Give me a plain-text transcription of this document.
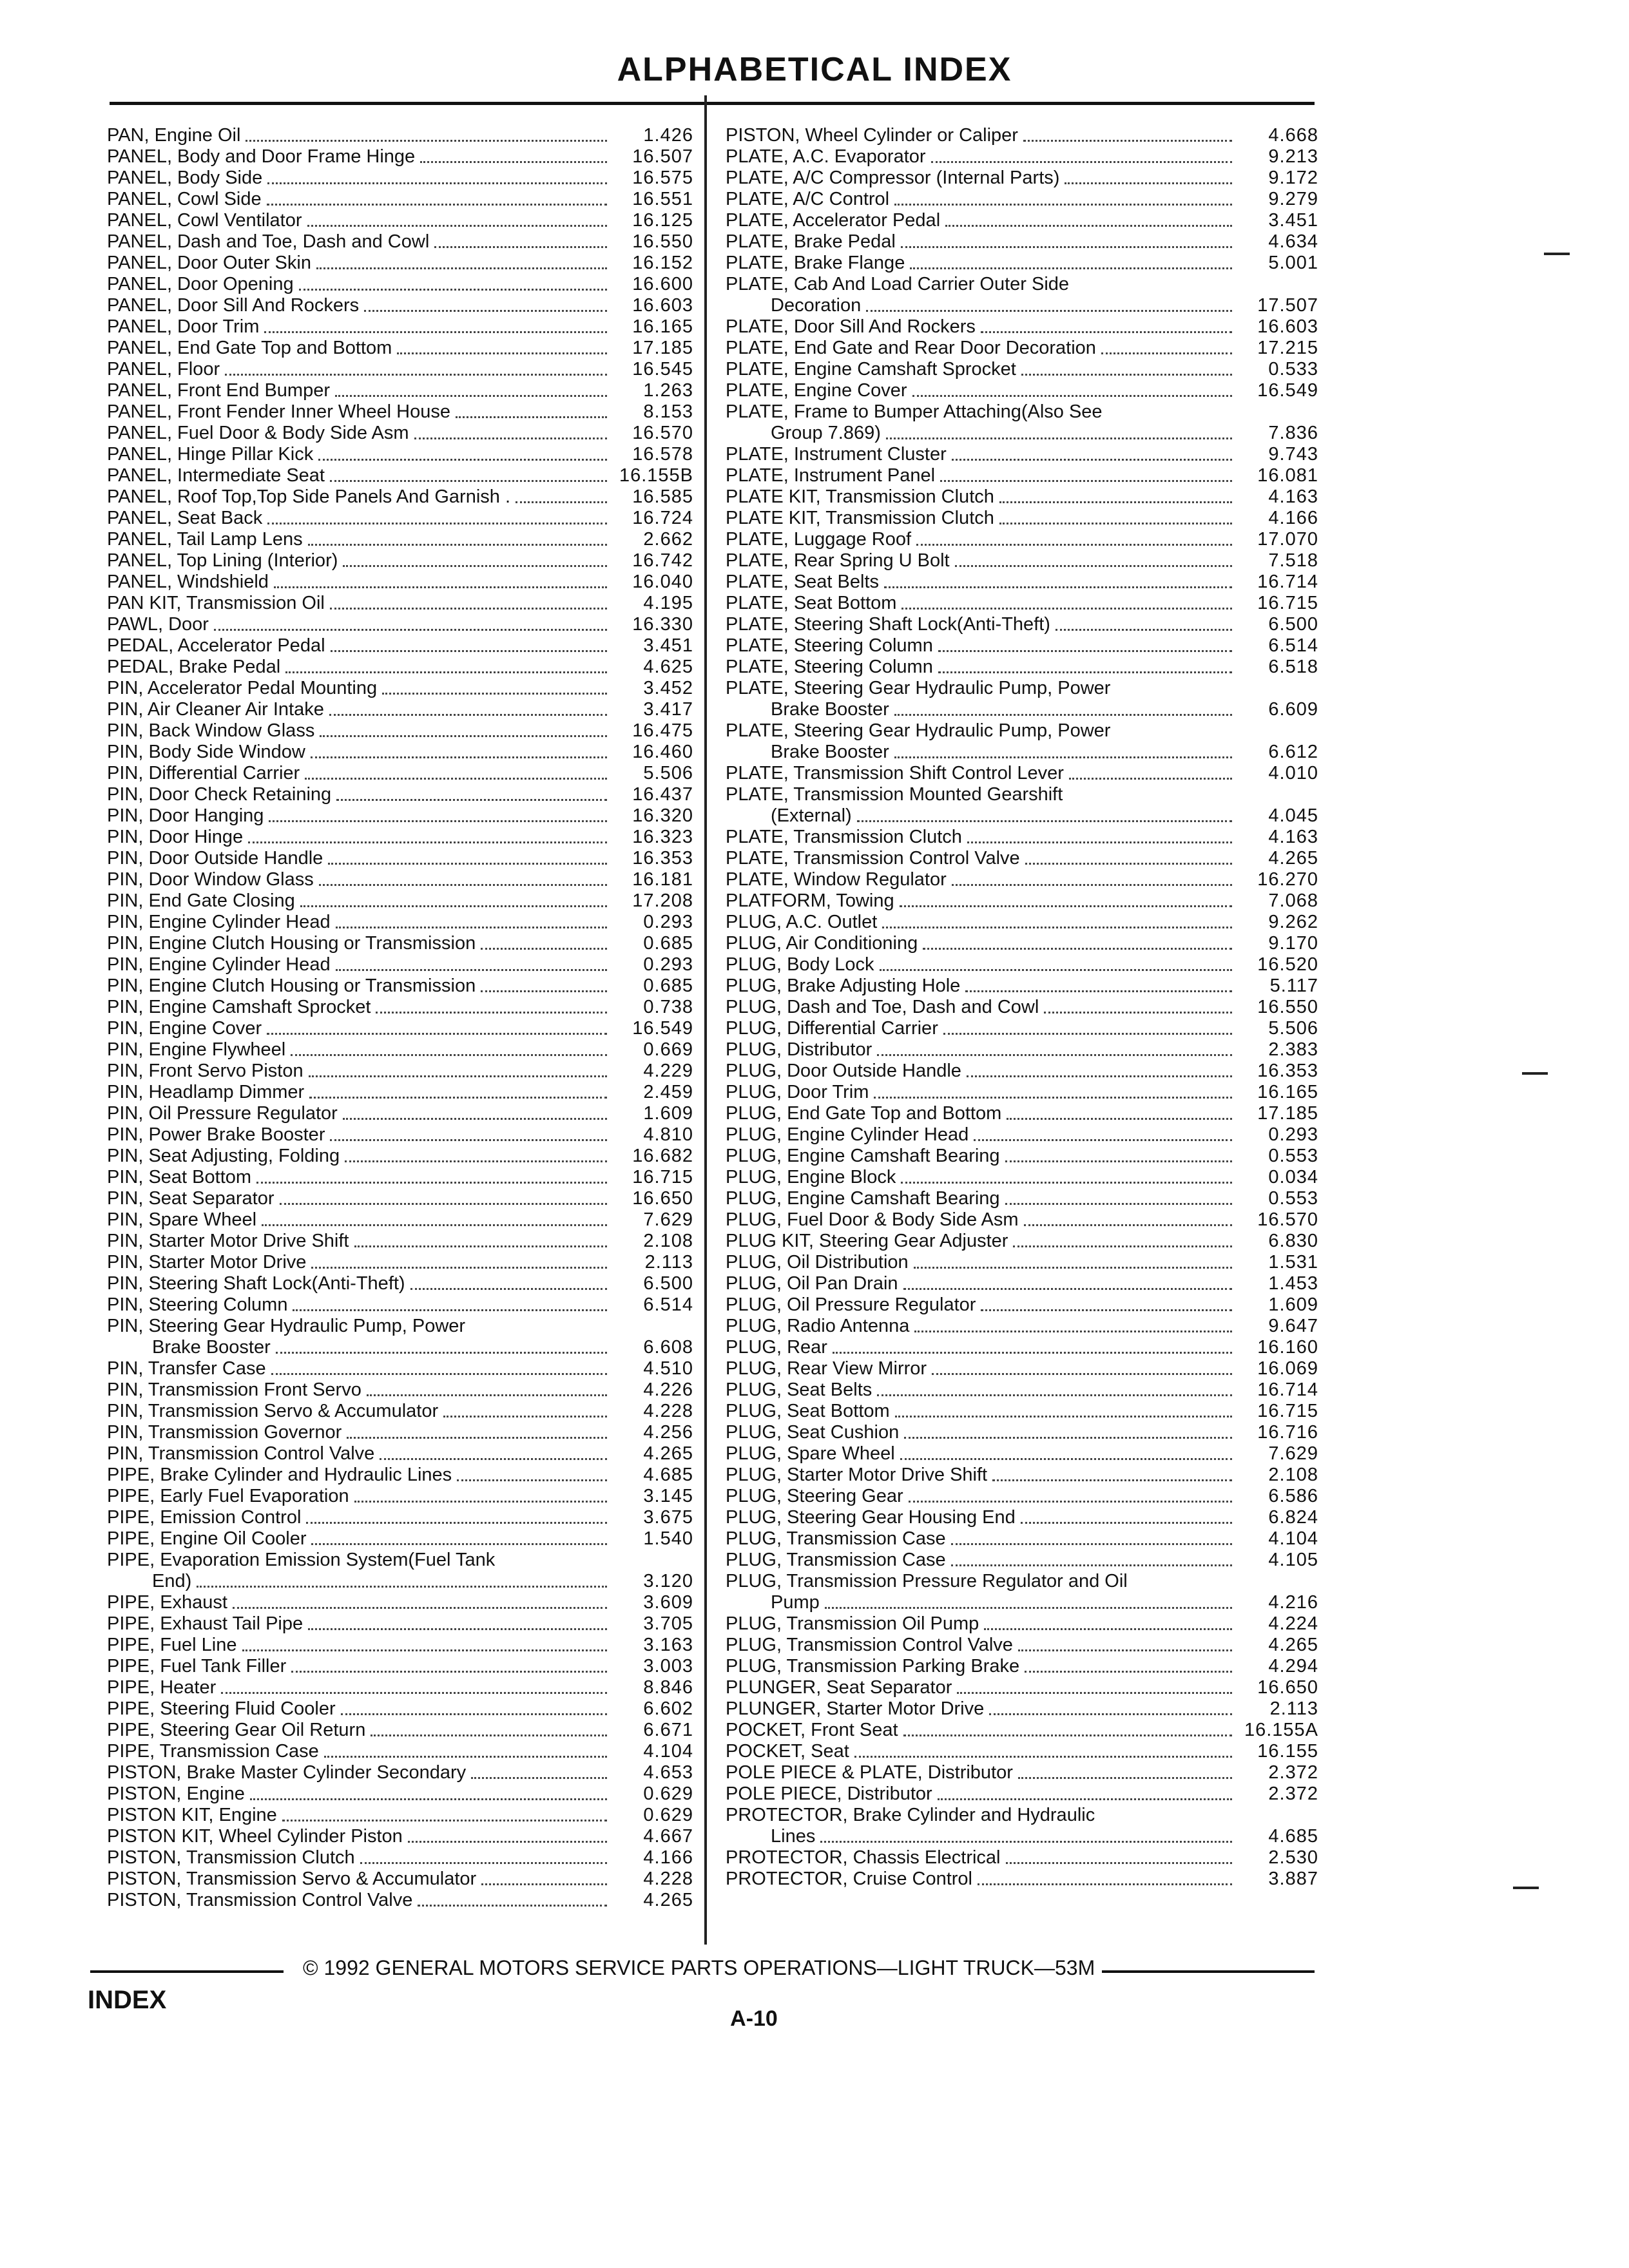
ALPHABETICAL INDEX
PAN, Engine Oil	1.426
PANEL, Body and Door Frame Hinge	16.507
PANEL, Body Side	16.575
PANEL, Cowl Side	16.551
PANEL, Cowl Ventilator	16.125
PANEL, Dash and Toe, Dash and Cowl	16.550
PANEL, Door Outer Skin	16.152
PANEL, Door Opening	16.600
PANEL, Door Sill And Rockers	16.603
PANEL, Door Trim	16.165
PANEL, End Gate Top and Bottom	17.185
PANEL, Floor	16.545
PANEL, Front End Bumper	1.263
PANEL, Front Fender Inner Wheel House	8.153
PANEL, Fuel Door & Body Side Asm	16.570
PANEL, Hinge Pillar Kick	16.578
PANEL, Intermediate Seat	16.155B
PANEL, Roof Top,Top Side Panels And Garnish .	16.585
PANEL, Seat Back	16.724
PANEL, Tail Lamp Lens	2.662
PANEL, Top Lining (Interior)	16.742
PANEL, Windshield	16.040
PAN KIT, Transmission Oil	4.195
PAWL, Door	16.330
PEDAL, Accelerator Pedal	3.451
PEDAL, Brake Pedal	4.625
PIN, Accelerator Pedal Mounting	3.452
PIN, Air Cleaner Air Intake	3.417
PIN, Back Window Glass	16.475
PIN, Body Side Window	16.460
PIN, Differential Carrier	5.506
PIN, Door Check Retaining	16.437
PIN, Door Hanging	16.320
PIN, Door Hinge	16.323
PIN, Door Outside Handle	16.353
PIN, Door Window Glass	16.181
PIN, End Gate Closing	17.208
PIN, Engine Cylinder Head	0.293
PIN, Engine Clutch Housing or Transmission	0.685
PIN, Engine Cylinder Head	0.293
PIN, Engine Clutch Housing or Transmission	0.685
PIN, Engine Camshaft Sprocket	0.738
PIN, Engine Cover	16.549
PIN, Engine Flywheel	0.669
PIN, Front Servo Piston	4.229
PIN, Headlamp Dimmer	2.459
PIN, Oil Pressure Regulator	1.609
PIN, Power Brake Booster	4.810
PIN, Seat Adjusting, Folding	16.682
PIN, Seat Bottom	16.715
PIN, Seat Separator	16.650
PIN, Spare Wheel	7.629
PIN, Starter Motor Drive Shift	2.108
PIN, Starter Motor Drive	2.113
PIN, Steering Shaft Lock(Anti-Theft)	6.500
PIN, Steering Column	6.514
PIN, Steering Gear Hydraulic Pump, Power
Brake Booster	6.608
PIN, Transfer Case	4.510
PIN, Transmission Front Servo	4.226
PIN, Transmission Servo & Accumulator	4.228
PIN, Transmission Governor	4.256
PIN, Transmission Control Valve	4.265
PIPE, Brake Cylinder and Hydraulic Lines	4.685
PIPE, Early Fuel Evaporation	3.145
PIPE, Emission Control	3.675
PIPE, Engine Oil Cooler	1.540
PIPE, Evaporation Emission System(Fuel Tank
End)	3.120
PIPE, Exhaust	3.609
PIPE, Exhaust Tail Pipe	3.705
PIPE, Fuel Line	3.163
PIPE, Fuel Tank Filler	3.003
PIPE, Heater	8.846
PIPE, Steering Fluid Cooler	6.602
PIPE, Steering Gear Oil Return	6.671
PIPE, Transmission Case	4.104
PISTON, Brake Master Cylinder Secondary	4.653
PISTON, Engine	0.629
PISTON KIT, Engine	0.629
PISTON KIT, Wheel Cylinder Piston	4.667
PISTON, Transmission Clutch	4.166
PISTON, Transmission Servo & Accumulator	4.228
PISTON, Transmission Control Valve	4.265
PISTON, Wheel Cylinder or Caliper	4.668
PLATE, A.C. Evaporator	9.213
PLATE, A/C Compressor (Internal Parts)	9.172
PLATE, A/C Control	9.279
PLATE, Accelerator Pedal	3.451
PLATE, Brake Pedal	4.634
PLATE, Brake Flange	5.001
PLATE, Cab And Load Carrier Outer Side
Decoration	17.507
PLATE, Door Sill And Rockers	16.603
PLATE, End Gate and Rear Door Decoration	17.215
PLATE, Engine Camshaft Sprocket	0.533
PLATE, Engine Cover	16.549
PLATE, Frame to Bumper Attaching(Also See
Group 7.869)	7.836
PLATE, Instrument Cluster	9.743
PLATE, Instrument Panel	16.081
PLATE KIT, Transmission Clutch	4.163
PLATE KIT, Transmission Clutch	4.166
PLATE, Luggage Roof	17.070
PLATE, Rear Spring U Bolt	7.518
PLATE, Seat Belts	16.714
PLATE, Seat Bottom	16.715
PLATE, Steering Shaft Lock(Anti-Theft)	6.500
PLATE, Steering Column	6.514
PLATE, Steering Column	6.518
PLATE, Steering Gear Hydraulic Pump, Power
Brake Booster	6.609
PLATE, Steering Gear Hydraulic Pump, Power
Brake Booster	6.612
PLATE, Transmission Shift Control Lever	4.010
PLATE, Transmission Mounted Gearshift
(External)	4.045
PLATE, Transmission Clutch	4.163
PLATE, Transmission Control Valve	4.265
PLATE, Window Regulator	16.270
PLATFORM, Towing	7.068
PLUG, A.C. Outlet	9.262
PLUG, Air Conditioning	9.170
PLUG, Body Lock	16.520
PLUG, Brake Adjusting Hole	5.117
PLUG, Dash and Toe, Dash and Cowl	16.550
PLUG, Differential Carrier	5.506
PLUG, Distributor	2.383
PLUG, Door Outside Handle	16.353
PLUG, Door Trim	16.165
PLUG, End Gate Top and Bottom	17.185
PLUG, Engine Cylinder Head	0.293
PLUG, Engine Camshaft Bearing	0.553
PLUG, Engine Block	0.034
PLUG, Engine Camshaft Bearing	0.553
PLUG, Fuel Door & Body Side Asm	16.570
PLUG KIT, Steering Gear Adjuster	6.830
PLUG, Oil Distribution	1.531
PLUG, Oil Pan Drain	1.453
PLUG, Oil Pressure Regulator	1.609
PLUG, Radio Antenna	9.647
PLUG, Rear	16.160
PLUG, Rear View Mirror	16.069
PLUG, Seat Belts	16.714
PLUG, Seat Bottom	16.715
PLUG, Seat Cushion	16.716
PLUG, Spare Wheel	7.629
PLUG, Starter Motor Drive Shift	2.108
PLUG, Steering Gear	6.586
PLUG, Steering Gear Housing End	6.824
PLUG, Transmission Case	4.104
PLUG, Transmission Case	4.105
PLUG, Transmission Pressure Regulator and Oil
Pump	4.216
PLUG, Transmission Oil Pump	4.224
PLUG, Transmission Control Valve	4.265
PLUG, Transmission Parking Brake	4.294
PLUNGER, Seat Separator	16.650
PLUNGER, Starter Motor Drive	2.113
POCKET, Front Seat	16.155A
POCKET, Seat	16.155
POLE PIECE & PLATE, Distributor	2.372
POLE PIECE, Distributor	2.372
PROTECTOR, Brake Cylinder and Hydraulic
Lines	4.685
PROTECTOR, Chassis Electrical	2.530
PROTECTOR, Cruise Control	3.887
© 1992 GENERAL MOTORS SERVICE PARTS OPERATIONS—LIGHT TRUCK—53M
INDEX
A-10
